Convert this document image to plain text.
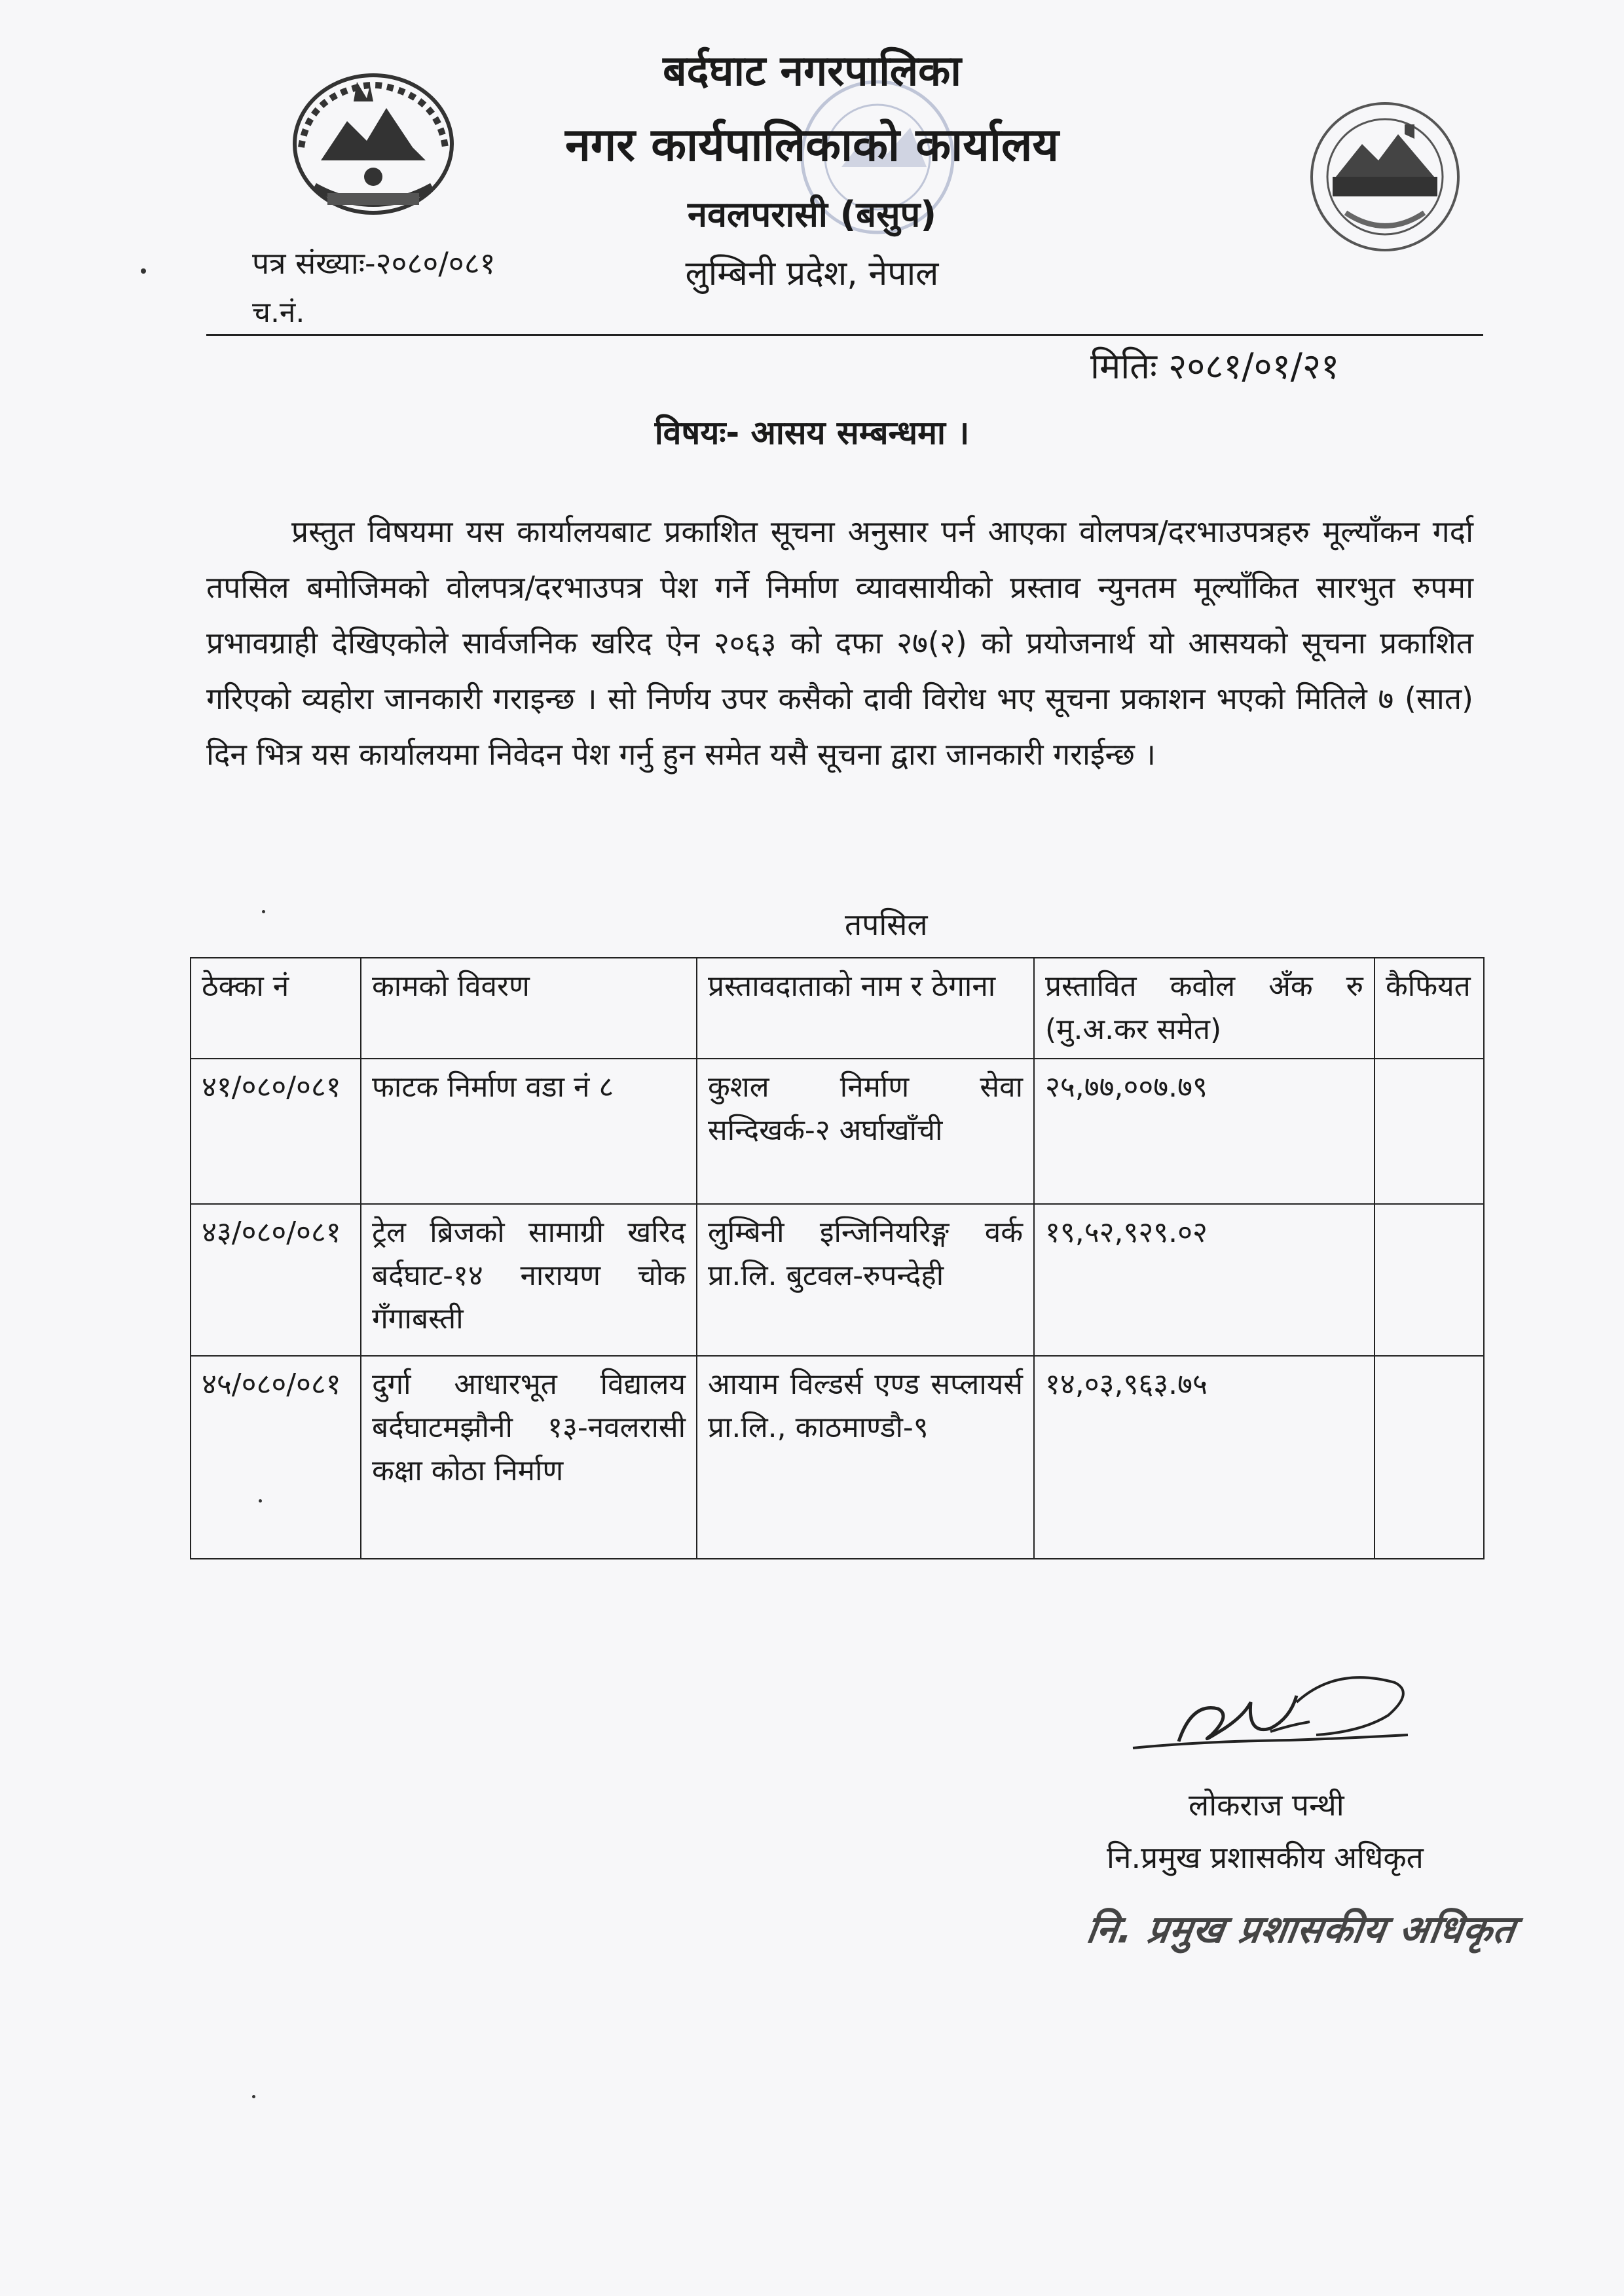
बर्दघाट नगरपालिका
नगर कार्यपालिकाको कार्यालय
नवलपरासी (बसुप)
लुम्बिनी प्रदेश, नेपाल
पत्र संख्याः-२०८०/०८१
च.नं.
मितिः २०८१/०१/२१
विषयः- आसय सम्बन्धमा ।
प्रस्तुत विषयमा यस कार्यालयबाट प्रकाशित सूचना अनुसार पर्न आएका वोलपत्र/दरभाउपत्रहरु मूल्यॉंकन गर्दा तपसिल बमोजिमको वोलपत्र/दरभाउपत्र पेश गर्ने निर्माण व्यावसायीको प्रस्ताव न्युनतम मूल्यॉंकित सारभुत रुपमा प्रभावग्राही देखिएकोले सार्वजनिक खरिद ऐन २०६३ को दफा २७(२) को प्रयोजनार्थ यो आसयको सूचना प्रकाशित गरिएको व्यहोरा जानकारी गराइन्छ । सो निर्णय उपर कसैको दावी विरोध भए सूचना प्रकाशन भएको मितिले ७ (सात) दिन भित्र यस कार्यालयमा निवेदन पेश गर्नु हुन समेत यसै सूचना द्वारा जानकारी गराईन्छ ।
तपसिल
ठेक्का नं	कामको विवरण	प्रस्तावदाताको नाम र ठेगाना	प्रस्तावित कवोल अँक रु (मु.अ.कर समेत)	कैफियत
४१/०८०/०८१	फाटक निर्माण वडा नं ८	कुशल निर्माण सेवा सन्दिखर्क-२ अर्घाखाँची	२५,७७,००७.७९	
४३/०८०/०८१	ट्रेल ब्रिजको सामाग्री खरिद बर्दघाट-१४ नारायण चोक गँगाबस्ती	लुम्बिनी इन्जिनियरिङ्ग वर्क प्रा.लि. बुटवल-रुपन्देही	१९,५२,९२९.०२	
४५/०८०/०८१	दुर्गा आधारभूत विद्यालय बर्दघाटमझौनी १३-नवलरासी कक्षा कोठा निर्माण	आयाम विल्डर्स एण्ड सप्लायर्स प्रा.लि., काठमाण्डौ-९	१४,०३,९६३.७५	
लोकराज पन्थी
नि.प्रमुख प्रशासकीय अधिकृत
नि. प्रमुख प्रशासकीय अधिकृत
